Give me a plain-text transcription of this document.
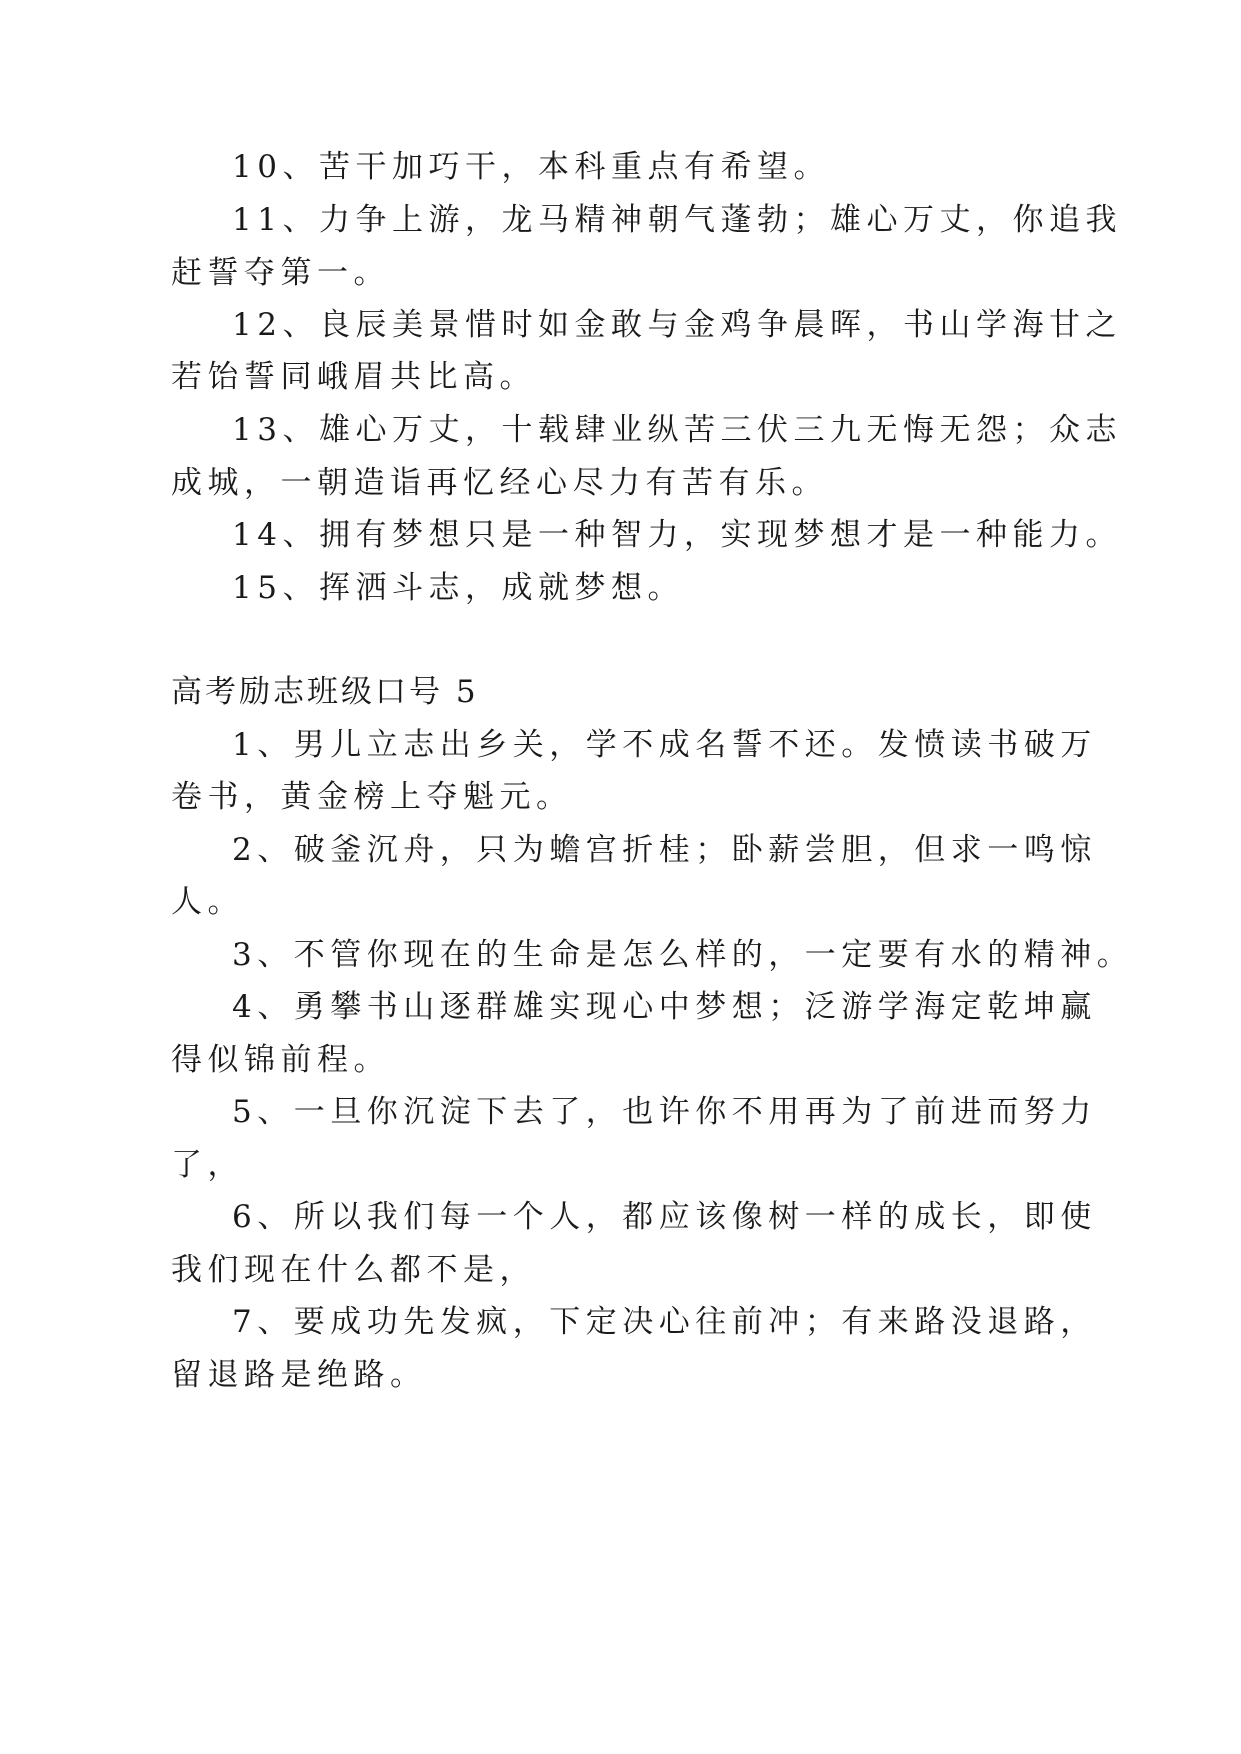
10、苦干加巧干，本科重点有希望。
11、力争上游，龙马精神朝气蓬勃；雄心万丈，你追我
赶誓夺第一。
12、良辰美景惜时如金敢与金鸡争晨晖，书山学海甘之
若饴誓同峨眉共比高。
13、雄心万丈，十载肆业纵苦三伏三九无悔无怨；众志
成城，一朝造诣再忆经心尽力有苦有乐。
14、拥有梦想只是一种智力，实现梦想才是一种能力。
15、挥洒斗志，成就梦想。
高考励志班级口号 5
1、男儿立志出乡关，学不成名誓不还。发愤读书破万
卷书，黄金榜上夺魁元。
2、破釜沉舟，只为蟾宫折桂；卧薪尝胆，但求一鸣惊
人。
3、不管你现在的生命是怎么样的，一定要有水的精神。
4、勇攀书山逐群雄实现心中梦想；泛游学海定乾坤赢
得似锦前程。
5、一旦你沉淀下去了，也许你不用再为了前进而努力
了，
6、所以我们每一个人，都应该像树一样的成长，即使
我们现在什么都不是，
7、要成功先发疯，下定决心往前冲；有来路没退路，
留退路是绝路。
